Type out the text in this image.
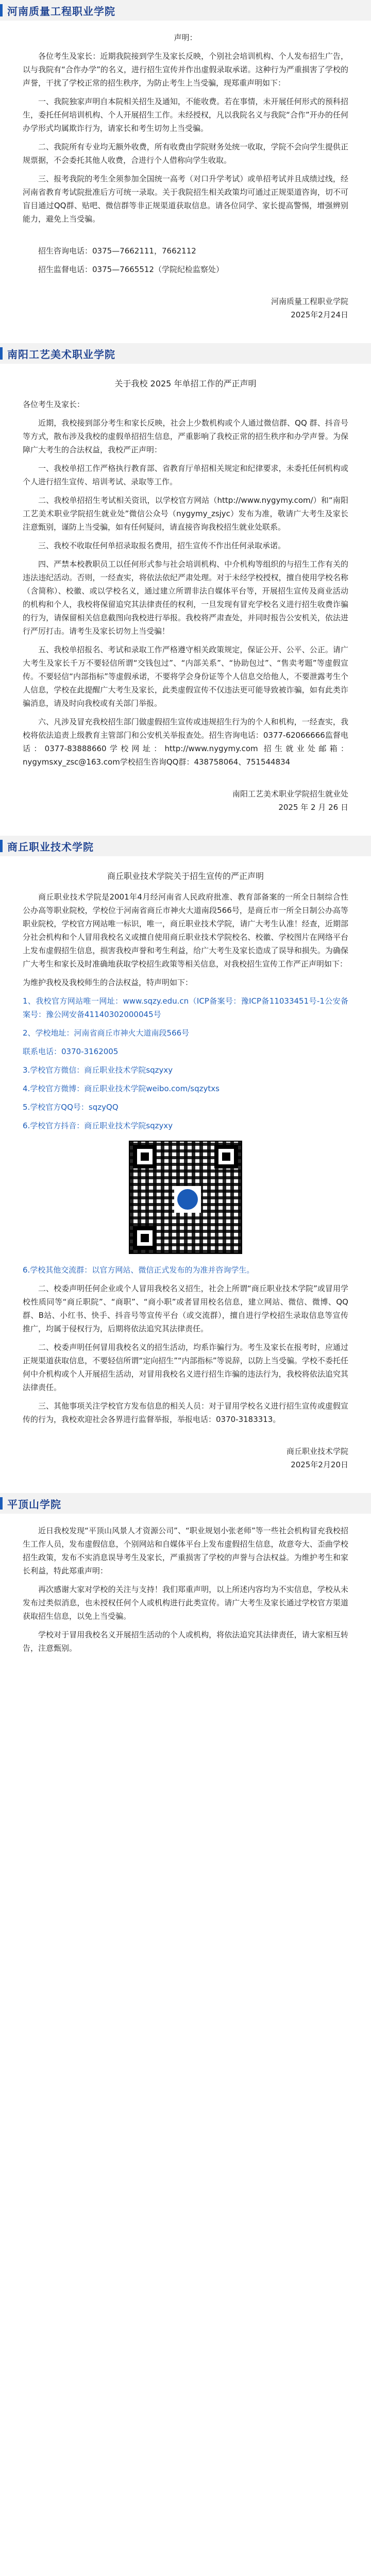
河南质量工程职业学院

声明：

各位考生及家长：近期我院接到学生及家长反映，个别社会培训机构、个人发布招生广告，以与我院有“合作办学”的名义，进行招生宣传并作出虚假录取承诺。这种行为严重损害了学校的声誉，干扰了学校正常的招生秩序，为防止考生上当受骗，现郑重声明如下：

一、我院独家声明自本院相关招生及通知，不能收费。若在事情，未开展任何形式的预科招生，委托任何培训机构、个人开展招生工作。未经授权，凡以我院名义与我院“合作”开办的任何办学形式均属欺诈行为，请家长和考生切勿上当受骗。

二、我院所有专业均无额外收费，所有收费由学院财务处统一收取，学院不会向学生提供正规票据，不会委托其他人收费，合进行个人借称向学生收取。

三、报考我院的考生全须参加全国统一高考（对口升学考试）或单招考试并且成绩过线，经河南省教育考试院批准后方可统一录取。关于我院招生相关政策均可通过正规渠道咨询，切不可盲目通过QQ群、贴吧、微信群等非正规渠道获取信息。请各位同学、家长提高警惕，增强辨别能力，避免上当受骗。

招生咨询电话：0375—7662111，7662112

招生监督电话：0375—7665512（学院纪检监察处）

河南质量工程职业学院

2025年2月24日

南阳工艺美术职业学院

关于我校 2025 年单招工作的严正声明

各位考生及家长：

近期，我校接到部分考生和家长反映，社会上少数机构或个人通过微信群、QQ 群、抖音号等方式，散布涉及我校的虚假单招招生信息，严重影响了我校正常的招生秩序和办学声誉。为保障广大考生的合法权益，我校严正声明：

一、我校单招工作严格执行教育部、省教育厅单招相关规定和纪律要求，未委托任何机构或个人进行招生宣传、培训考试、录取等工作。

二、我校单招招生考试相关资讯，以学校官方网站（http://www.nygymy.com/）和“南阳工艺美术职业学院招生就业处”微信公众号（nygymy_zsjyc）发布为准，敬请广大考生及家长注意甄别，谨防上当受骗，如有任何疑问，请直接咨询我校招生就业处联系。

三、我校不收取任何单招录取报名费用，招生宣传不作出任何录取承诺。

四、严禁本校教职员工以任何形式参与社会培训机构、中介机构等组织的与招生工作有关的违法违纪活动。否则，一经查实，将依法依纪严肃处理。对于未经学校授权，擅自使用学校名称（含简称）、校徽、或以学校名义，通过建立所谓非法自媒体平台等，开展招生宣传及商业活动的机构和个人，我校将保留追究其法律责任的权利，一旦发现有冒充学校名义进行招生收费诈骗的行为，请保留相关信息截图向我校进行举报。我校将严肃查处，并同时报告公安机关，依法进行严厉打击。请考生及家长切勿上当受骗！

五、我校单招报名、考试和录取工作严格遵守相关政策规定，保证公开、公平、公正。请广大考生及家长千万不要轻信所谓“交钱包过”、“内部关系”、“协助包过”、“售卖考题”等虚假宣传。不要轻信“内部指标”等虚假承诺，不要将学会身份证等个人信息交给他人，不要泄露考生个人信息，学校在此提醒广大考生及家长，此类虚假宣传不仅违法更可能导致被诈骗，如有此类诈骗消息，请及时向我校或有关部门举报。

六、凡涉及冒充我校招生部门做虚假招生宣传或违规招生行为的个人和机构，一经查实，我校将依法追责上级教育主管部门和公安机关举报查处。招生咨询电话：0377-62066666监督电话：0377-83888660学校网址：http://www.nygymy.com 招生就业处邮箱：nygymsxy_zsc@163.com学校招生咨询QQ群：438758064、751544834

南阳工艺美术职业学院招生就业处

2025 年 2 月 26 日

商丘职业技术学院

商丘职业技术学院关于招生宣传的严正声明

商丘职业技术学院是2001年4月经河南省人民政府批准、教育部备案的一所全日制综合性公办高等职业院校，学校位于河南省商丘市神火大道南段566号，是商丘市一所全日制公办高等职业院校，学校官方网站唯一标识，唯一，商丘职业技术学院，请广大考生认准！经查，近期部分社会机构和个人冒用我校名义或擅自使用商丘职业技术学院校名、校徽、学校图片在网络平台上发布虚假招生信息，损害我校声誉和考生利益，给广大考生及家长造成了误导和损失。为确保广大考生和家长及时准确地获取学校招生政策等相关信息，对我校招生宣传工作严正声明如下：

为维护我校及我校师生的合法权益，特声明如下：

1、我校官方网站唯一网址：www.sqzy.edu.cn（ICP备案号：豫ICP备11033451号-1公安备案号：豫公网安备41140302000045号

2、学校地址：河南省商丘市神火大道南段566号

联系电话：0370-3162005

3.学校官方微信：商丘职业技术学院sqzyxy

4.学校官方微博：商丘职业技术学院weibo.com/sqzytxs

5.学校官方QQ号：sqzyQQ

6.学校官方抖音：商丘职业技术学院sqzyxy

6.学校其他交流群：以官方网站、微信正式发布的为准并咨询学生。

二、校委声明任何企业或个人冒用我校名义招生，社会上所谓“商丘职业技术学院”或冒用学校性质同等“商丘职院”、“商职”、“商小职”或者冒用校名信息，建立网站、微信、微博、QQ群、B站、小红书、快手、抖音号等宣传平台（或交流群），擅自进行学校招生录取信息等宣传推广，均属于侵权行为，后期将依法追究其法律责任。

二、校委声明任何冒用我校名义的招生活动，均系诈骗行为。考生及家长在报考时，应通过正规渠道获取信息，不要轻信所谓“定向招生”“内部指标”等说辞，以防上当受骗。学校不委托任何中介机构或个人开展招生活动，对冒用我校名义进行招生诈骗的违法行为，我校将依法追究其法律责任。

三、其他事项关注学校官方发布信息的相关人员：对于冒用学校名义进行招生宣传或虚假宣传的行为，我校欢迎社会各界进行监督举报，举报电话：0370-3183313。

商丘职业技术学院

2025年2月20日

平顶山学院

近日我校发现“平顶山风景人才资源公司”、“职业规划小张老师”等一些社会机构冒充我校招生工作人员，发布虚假信息，个别网站和自媒体平台上发布虚假招生信息，故意夸大、歪曲学校招生政策，发布不实消息误导考生及家长，严重损害了学校的声誉与合法权益。为维护考生和家长利益，特此郑重声明：

再次感谢大家对学校的关注与支持！我们郑重声明，以上所述内容均为不实信息，学校从未发布过类似消息，也未授权任何个人或机构进行此类宣传。请广大考生及家长通过学校官方渠道获取招生信息，以免上当受骗。

学校对于冒用我校名义开展招生活动的个人或机构，将依法追究其法律责任，请大家相互转告，注意甄别。
